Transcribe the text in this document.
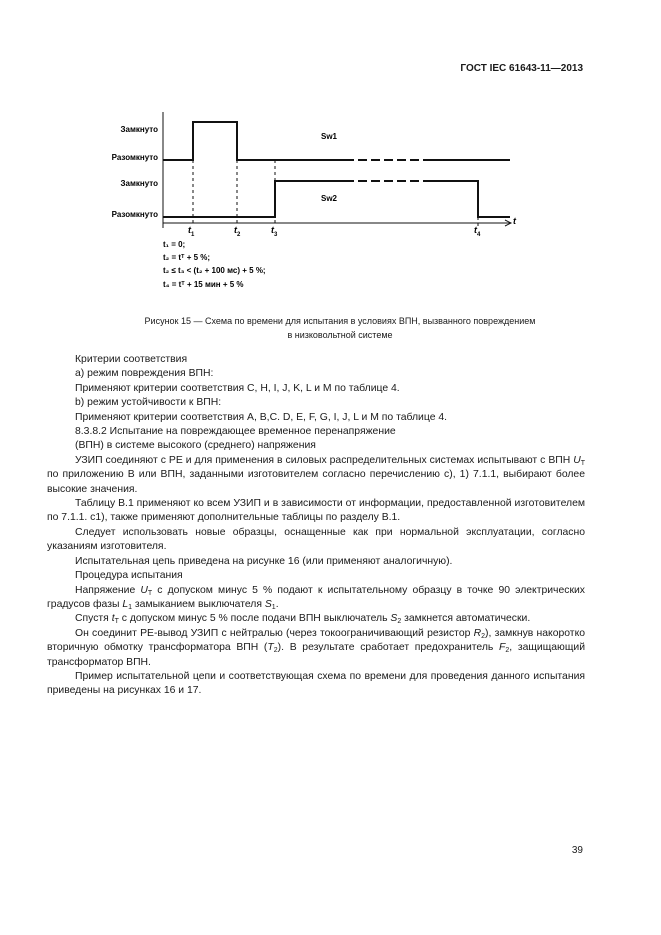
ГОСТ IEC 61643-11—2013
Замкнуто
Разомкнуто
Замкнуто
Разомкнуто
Sw1
Sw2
t
$t_1$	$t_2$	$t_3$	$t_4$
t₁ = 0;
t₂ = tᵀ + 5 %;
t₂ ≤ t₃ < (t₂ + 100 мс) + 5 %;
t₄ = tᵀ + 15 мин + 5 %
Рисунок 15 — Схема по времени для испытания в условиях ВПН, вызванного повреждением
в низковольтной системе

Критерии соответствия

а) режим повреждения ВПН:

Применяют критерии соответствия C, H, I, J, K, L и M по таблице 4.

b) режим устойчивости к ВПН:

Применяют критерии соответствия A, B,C. D, E, F, G, I, J, L и M по таблице 4.

8.3.8.2 Испытание на повреждающее временное перенапряжение

(ВПН) в системе высокого (среднего) напряжения

УЗИП соединяют с PE и для применения в силовых распределительных системах испытывают с ВПН $U_T$ по приложению B или ВПН, заданными изготовителем согласно перечислению с), 1) 7.1.1, выбирают более высокие значения.

Таблицу B.1 применяют ко всем УЗИП и в зависимости от информации, предоставленной изготовителем по 7.1.1. с1), также применяют дополнительные таблицы по разделу B.1.

Следует использовать новые образцы, оснащенные как при нормальной эксплуатации, согласно указаниям изготовителя.

Испытательная цепь приведена на рисунке 16 (или применяют аналогичную).

Процедура испытания

Напряжение $U_T$ с допуском минус 5 % подают к испытательному образцу в точке 90 электрических градусов фазы $L_1$ замыканием выключателя $S_1$.

Спустя $t_T$ с допуском минус 5 % после подачи ВПН выключатель $S_2$ замкнется автоматически.

Он соединит PE-вывод УЗИП с нейтралью (через токоограничивающий резистор $R_2$), замкнув накоротко вторичную обмотку трансформатора ВПН $(T_2)$. В результате сработает предохранитель $F_2$, защищающий трансформатор ВПН.

Пример испытательной цепи и соответствующая схема по времени для проведения данного испытания приведены на рисунках 16 и 17.

39
